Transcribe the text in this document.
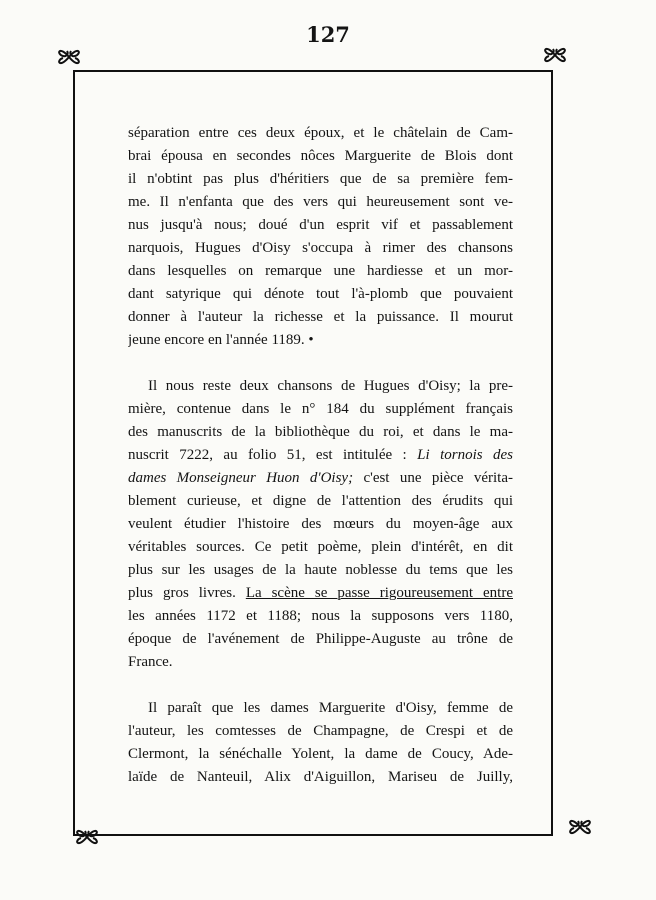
127
séparation entre ces deux époux, et le châtelain de Cam-
brai épousa en secondes nôces Marguerite de Blois dont
il n'obtint pas plus d'héritiers que de sa première fem-
me. Il n'enfanta que des vers qui heureusement sont ve-
nus jusqu'à nous; doué d'un esprit vif et passablement
narquois, Hugues d'Oisy s'occupa à rimer des chansons
dans lesquelles on remarque une hardiesse et un mor-
dant satyrique qui dénote tout l'à-plomb que pouvaient
donner à l'auteur la richesse et la puissance. Il mourut
jeune encore en l'année 1189. •
Il nous reste deux chansons de Hugues d'Oisy; la pre-
mière, contenue dans le n° 184 du supplément français
des manuscrits de la bibliothèque du roi, et dans le ma-
nuscrit 7222, au folio 51, est intitulée : Li tornois des
dames Monseigneur Huon d'Oisy; c'est une pièce vérita-
blement curieuse, et digne de l'attention des érudits qui
veulent étudier l'histoire des mœurs du moyen-âge aux
véritables sources. Ce petit poème, plein d'intérêt, en dit
plus sur les usages de la haute noblesse du tems que les
plus gros livres. La scène se passe rigoureusement entre
les années 1172 et 1188; nous la supposons vers 1180,
époque de l'avénement de Philippe-Auguste au trône de
France.
Il paraît que les dames Marguerite d'Oisy, femme de
l'auteur, les comtesses de Champagne, de Crespi et de
Clermont, la sénéchalle Yolent, la dame de Coucy, Ade-
laïde de Nanteuil, Alix d'Aiguillon, Mariseu de Juilly,
